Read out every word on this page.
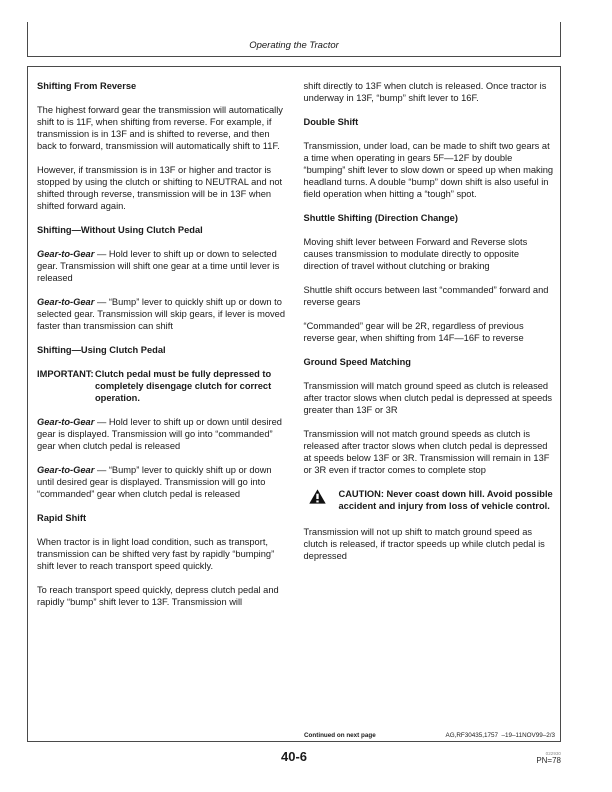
Operating the Tractor
Shifting From Reverse

The highest forward gear the transmission will automatically shift to is 11F, when shifting from reverse. For example, if transmission is in 13F and is shifted to reverse, and then back to forward, transmission will automatically shift to 11F.

However, if transmission is in 13F or higher and tractor is stopped by using the clutch or shifting to NEUTRAL and not shifted through reverse, transmission will be in 13F when shifted forward again.

Shifting—Without Using Clutch Pedal

Gear-to-Gear — Hold lever to shift up or down to selected gear. Transmission will shift one gear at a time until lever is released

Gear-to-Gear — “Bump” lever to quickly shift up or down to selected gear. Transmission will skip gears, if lever is moved faster than transmission can shift

Shifting—Using Clutch Pedal
IMPORTANT: Clutch pedal must be fully depressed to completely disengage clutch for correct operation.

Gear-to-Gear — Hold lever to shift up or down until desired gear is displayed. Transmission will go into “commanded” gear when clutch pedal is released

Gear-to-Gear — “Bump” lever to quickly shift up or down until desired gear is displayed. Transmission will go into “commanded” gear when clutch pedal is released

Rapid Shift

When tractor is in light load condition, such as transport, transmission can be shifted very fast by rapidly “bumping” shift lever to reach transport speed quickly.

To reach transport speed quickly, depress clutch pedal and rapidly “bump” shift lever to 13F. Transmission will

shift directly to 13F when clutch is released. Once tractor is underway in 13F, “bump” shift lever to 16F.

Double Shift

Transmission, under load, can be made to shift two gears at a time when operating in gears 5F—12F by double “bumping” shift lever to slow down or speed up when making headland turns. A double “bump” down shift is also useful in field operation when hitting a “tough” spot.

Shuttle Shifting (Direction Change)

Moving shift lever between Forward and Reverse slots causes transmission to modulate directly to opposite direction of travel without clutching or braking

Shuttle shift occurs between last “commanded” forward and reverse gears

“Commanded” gear will be 2R, regardless of previous reverse gear, when shifting from 14F—16F to reverse

Ground Speed Matching

Transmission will match ground speed as clutch is released after tractor slows when clutch pedal is depressed at speeds greater than 13F or 3R

Transmission will not match ground speeds as clutch is released after tractor slows when clutch pedal is depressed at speeds below 13F or 3R. Transmission will remain in 13F or 3R even if tractor comes to complete stop

CAUTION: Never coast down hill. Avoid possible accident and injury from loss of vehicle control.

Transmission will not up shift to match ground speed as clutch is released, if tractor speeds up while clutch pedal is depressed

Continued on next page	AG,RF30435,1757  –19–11NOV99–2/3
40-6	022930
PN=78
